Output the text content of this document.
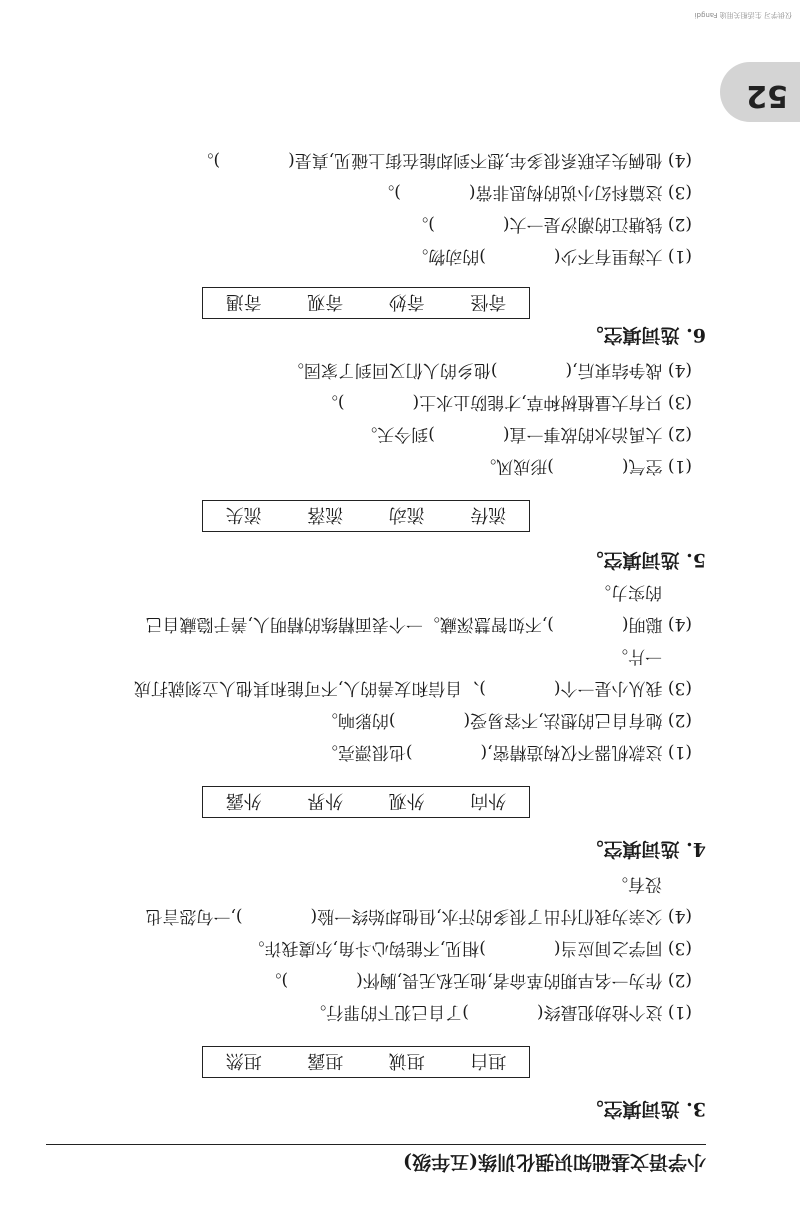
52
小学语文基础知识强化训练(五年级)
3. 选词填空。
坦白
坦诚
坦露
坦然
(1) 这个抢劫犯最终(　　　　)了自己犯下的罪行。
(2) 作为一名早期的革命者,他无私无畏,胸怀(　　　　)。
(3) 同学之间应当(　　　　)相见,不能钩心斗角,尔虞我诈。
(4) 父亲为我们付出了很多的汗水,但他却始终一脸(　　　　),一句怨言也
没有。
4. 选词填空。
外向
外观
外界
外露
(1) 这款机器不仅构造精密,(　　　　)也很漂亮。
(2) 她有自己的想法,不容易受(　　　　)的影响。
(3) 我从小是一个(　　　　)、自信和友善的人,不可能和其他人立刻就打成
一片。
(4) 聪明(　　　　),不如智慧深藏。一个表面精练的精明人,善于隐藏自己
的实力。
5. 选词填空。
流传
流动
流落
流失
(1) 空气(　　　　)形成风。
(2) 大禹治水的故事一直(　　　　)到今天。
(3) 只有大量植树种草,才能防止水土(　　　　)。
(4) 战争结束后,(　　　　)他乡的人们又回到了家园。
6. 选词填空。
奇怪
奇妙
奇观
奇遇
(1) 大海里有不少(　　　　)的动物。
(2) 钱塘江的潮汐是一大(　　　　)。
(3) 这篇科幻小说的构思非常(　　　　)。
(4) 他俩失去联系很多年,想不到却能在街上碰见,真是(　　　　)。
仅供学习 生活相关用途 Fangdi
